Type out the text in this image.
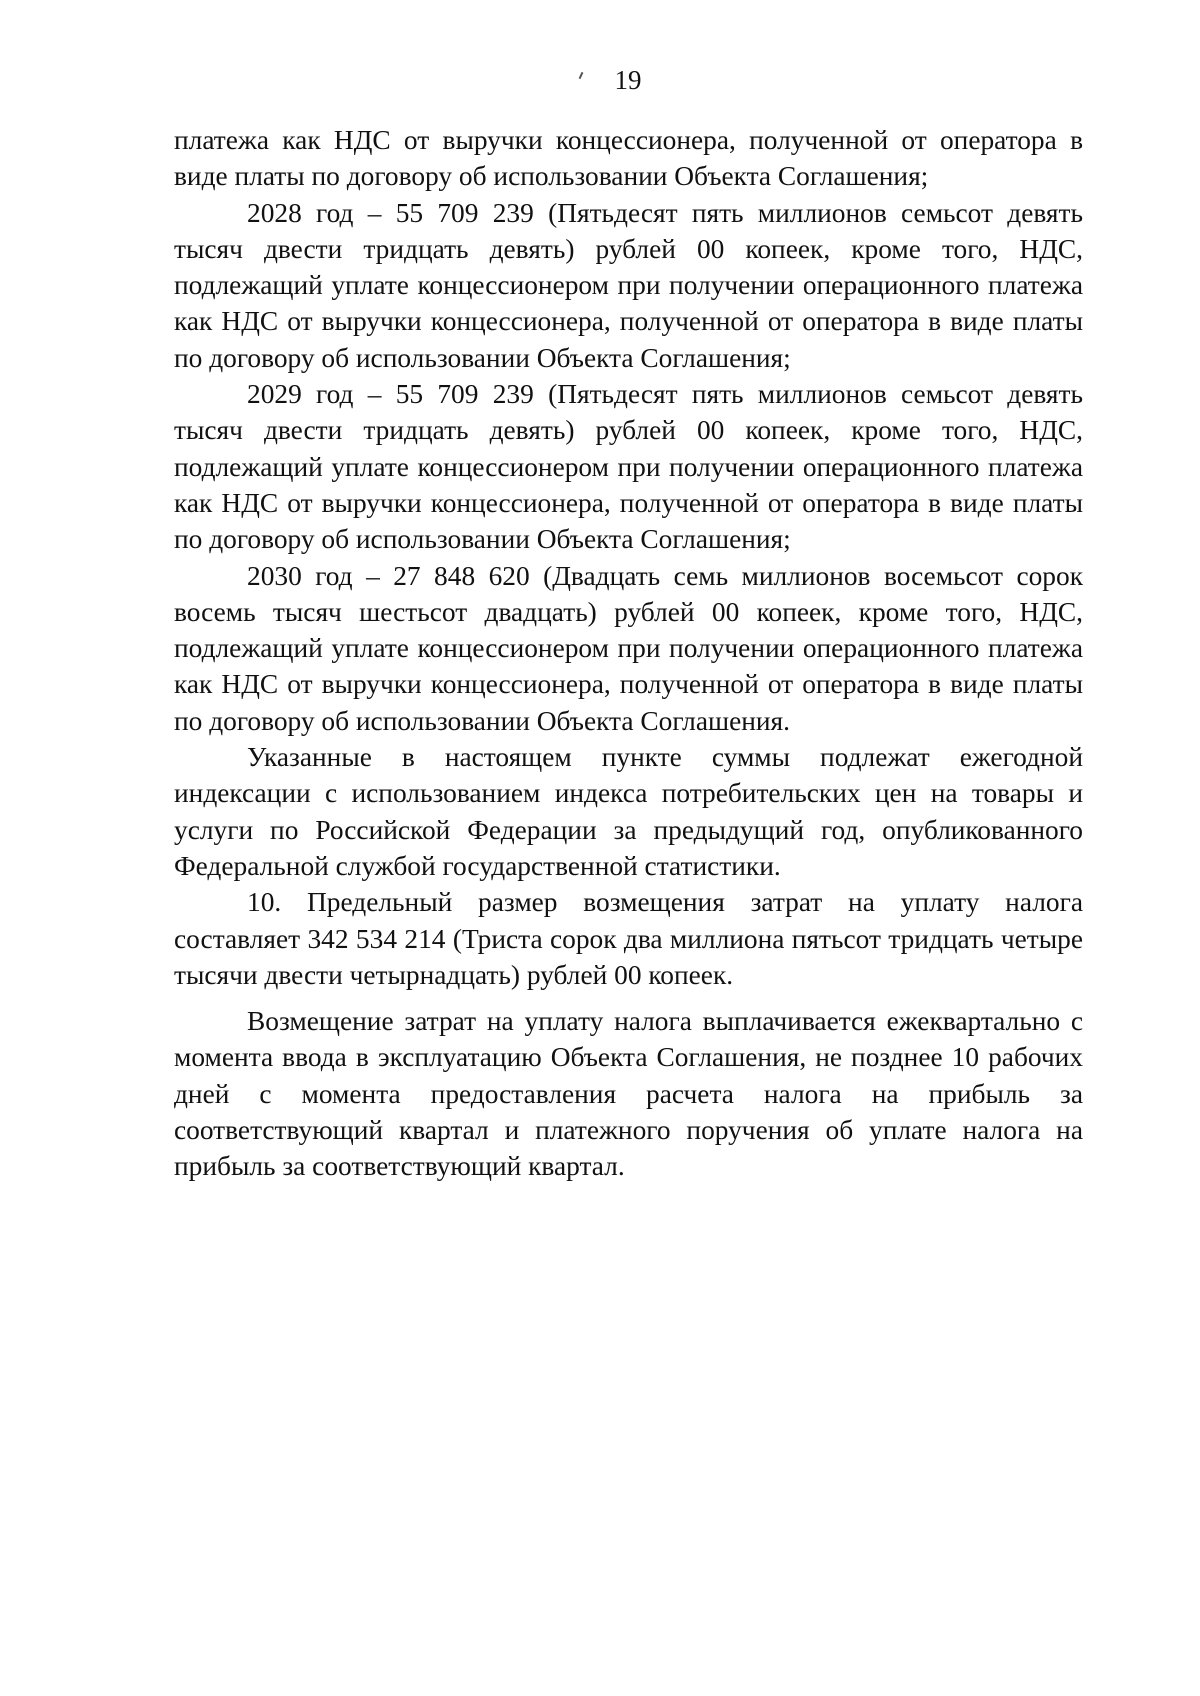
19

платежа как НДС от выручки концессионера, полученной от оператора в виде платы по договору об использовании Объекта Соглашения;

2028 год – 55 709 239 (Пятьдесят пять миллионов семьсот девять тысяч двести тридцать девять) рублей 00 копеек, кроме того, НДС, подлежащий уплате концессионером при получении операционного платежа как НДС от выручки концессионера, полученной от оператора в виде платы по договору об использовании Объекта Соглашения;

2029 год – 55 709 239 (Пятьдесят пять миллионов семьсот девять тысяч двести тридцать девять) рублей 00 копеек, кроме того, НДС, подлежащий уплате концессионером при получении операционного платежа как НДС от выручки концессионера, полученной от оператора в виде платы по договору об использовании Объекта Соглашения;

2030 год – 27 848 620 (Двадцать семь миллионов восемьсот сорок восемь тысяч шестьсот двадцать) рублей 00 копеек, кроме того, НДС, подлежащий уплате концессионером при получении операционного платежа как НДС от выручки концессионера, полученной от оператора в виде платы по договору об использовании Объекта Соглашения.

Указанные в настоящем пункте суммы подлежат ежегодной индексации с использованием индекса потребительских цен на товары и услуги по Российской Федерации за предыдущий год, опубликованного Федеральной службой государственной статистики.

10. Предельный размер возмещения затрат на уплату налога составляет 342 534 214 (Триста сорок два миллиона пятьсот тридцать четыре тысячи двести четырнадцать) рублей 00 копеек.

Возмещение затрат на уплату налога выплачивается ежеквартально с момента ввода в эксплуатацию Объекта Соглашения, не позднее 10 рабочих дней с момента предоставления расчета налога на прибыль за соответствующий квартал и платежного поручения об уплате налога на прибыль за соответствующий квартал.
